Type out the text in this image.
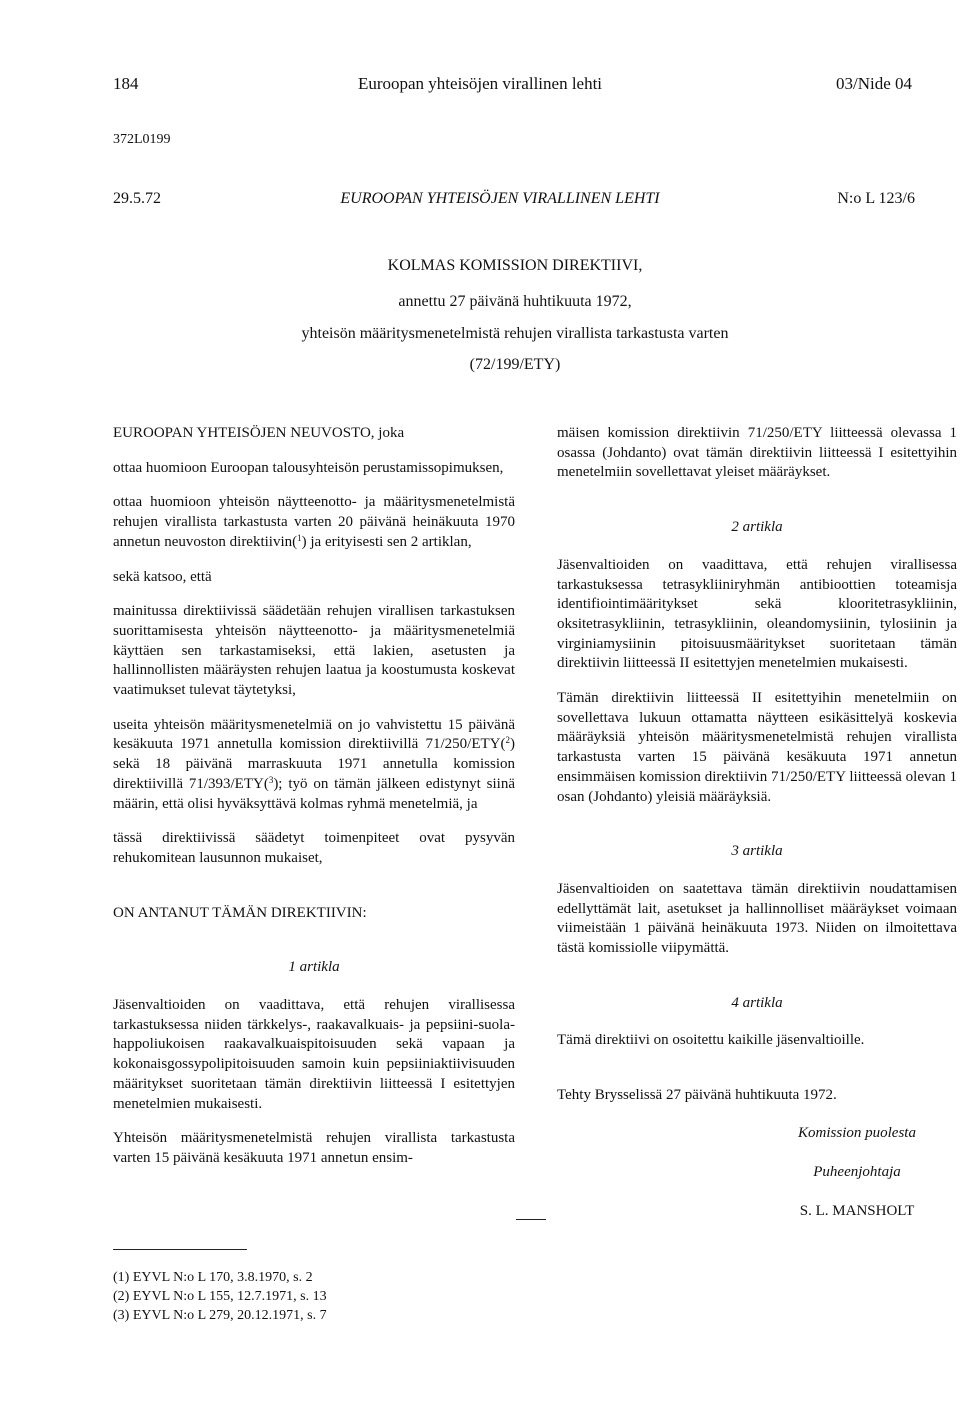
184	Euroopan yhteisöjen virallinen lehti	03/Nide 04
372L0199
29.5.72	EUROOPAN YHTEISÖJEN VIRALLINEN LEHTI	N:o L 123/6
KOLMAS KOMISSION DIREKTIIVI,
annettu 27 päivänä huhtikuuta 1972,
yhteisön määritysmenetelmistä rehujen virallista tarkastusta varten
(72/199/ETY)

EUROOPAN YHTEISÖJEN NEUVOSTO, joka

ottaa huomioon Euroopan talousyhteisön perustamissopimuksen,

ottaa huomioon yhteisön näytteenotto- ja määritysmenetelmistä rehujen virallista tarkastusta varten 20 päivänä heinäkuuta 1970 annetun neuvoston direktiivin($^1$) ja erityisesti sen 2 artiklan,

sekä katsoo, että

mainitussa direktiivissä säädetään rehujen virallisen tarkastuksen suorittamisesta yhteisön näytteenotto- ja määritysmenetelmiä käyttäen sen tarkastamiseksi, että lakien, asetusten ja hallinnollisten määräysten rehujen laatua ja koostumusta koskevat vaatimukset tulevat täytetyksi,

useita yhteisön määritysmenetelmiä on jo vahvistettu 15 päivänä kesäkuuta 1971 annetulla komission direktiivillä 71/250/ETY($^2$) sekä 18 päivänä marraskuuta 1971 annetulla komission direktiivillä 71/393/ETY($^3$); työ on tämän jälkeen edistynyt siinä määrin, että olisi hyväksyttävä kolmas ryhmä menetelmiä, ja

tässä direktiivissä säädetyt toimenpiteet ovat pysyvän rehukomitean lausunnon mukaiset,

ON ANTANUT TÄMÄN DIREKTIIVIN:

1 artikla

Jäsenvaltioiden on vaadittava, että rehujen virallisessa tarkastuksessa niiden tärkkelys-, raakavalkuais- ja pepsiini-suola-happoliukoisen raakavalkuaispitoisuuden sekä vapaan ja kokonaisgossypolipitoisuuden samoin kuin pepsiiniaktiivisuuden määritykset suoritetaan tämän direktiivin liitteessä I esitettyjen menetelmien mukaisesti.

Yhteisön määritysmenetelmistä rehujen virallista tarkastusta varten 15 päivänä kesäkuuta 1971 annetun ensim-

mäisen komission direktiivin 71/250/ETY liitteessä olevassa 1 osassa (Johdanto) ovat tämän direktiivin liitteessä I esitettyihin menetelmiin sovellettavat yleiset määräykset.

2 artikla

Jäsenvaltioiden on vaadittava, että rehujen virallisessa tarkastuksessa tetrasykliiniryhmän antibioottien toteamisja identifiointimääritykset sekä klooritetrasykliinin, oksitetrasykliinin, tetrasykliinin, oleandomysiinin, tylosiinin ja virginiamysiinin pitoisuusmääritykset suoritetaan tämän direktiivin liitteessä II esitettyjen menetelmien mukaisesti.

Tämän direktiivin liitteessä II esitettyihin menetelmiin on sovellettava lukuun ottamatta näytteen esikäsittelyä koskevia määräyksiä yhteisön määritysmenetelmistä rehujen virallista tarkastusta varten 15 päivänä kesäkuuta 1971 annetun ensimmäisen komission direktiivin 71/250/ETY liitteessä olevan 1 osan (Johdanto) yleisiä määräyksiä.

3 artikla

Jäsenvaltioiden on saatettava tämän direktiivin noudattamisen edellyttämät lait, asetukset ja hallinnolliset määräykset voimaan viimeistään 1 päivänä heinäkuuta 1973. Niiden on ilmoitettava tästä komissiolle viipymättä.

4 artikla

Tämä direktiivi on osoitettu kaikille jäsenvaltioille.

Tehty Brysselissä 27 päivänä huhtikuuta 1972.

Komission puolesta

Puheenjohtaja

S. L. MANSHOLT

(1) EYVL N:o L 170, 3.8.1970, s. 2
(2) EYVL N:o L 155, 12.7.1971, s. 13
(3) EYVL N:o L 279, 20.12.1971, s. 7
